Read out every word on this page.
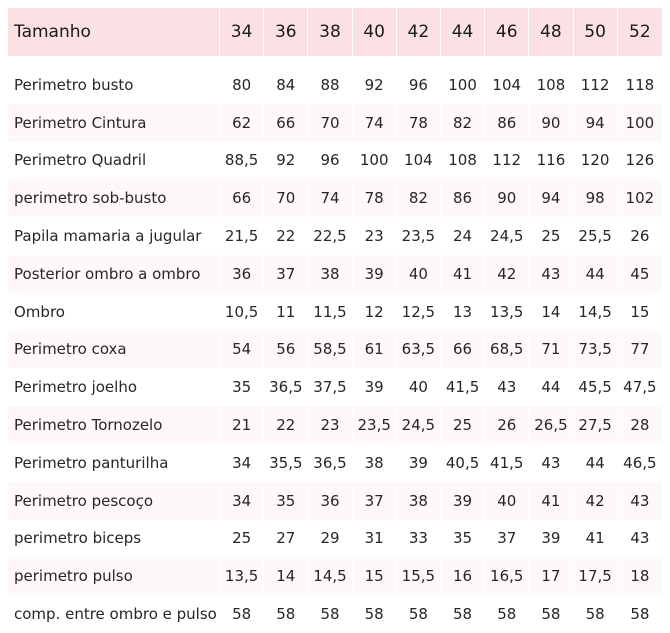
Tamanho	34	36	38	40	42	44	46	48	50	52

Perimetro busto	80	84	88	92	96	100	104	108	112	118
Perimetro Cintura	62	66	70	74	78	82	86	90	94	100
Perimetro Quadril	88,5	92	96	100	104	108	112	116	120	126
perimetro sob-busto	66	70	74	78	82	86	90	94	98	102
Papila mamaria a jugular	21,5	22	22,5	23	23,5	24	24,5	25	25,5	26
Posterior ombro a ombro	36	37	38	39	40	41	42	43	44	45
Ombro	10,5	11	11,5	12	12,5	13	13,5	14	14,5	15
Perimetro coxa	54	56	58,5	61	63,5	66	68,5	71	73,5	77
Perimetro joelho	35	36,5	37,5	39	40	41,5	43	44	45,5	47,5
Perimetro Tornozelo	21	22	23	23,5	24,5	25	26	26,5	27,5	28
Perimetro panturilha	34	35,5	36,5	38	39	40,5	41,5	43	44	46,5
Perimetro pescoço	34	35	36	37	38	39	40	41	42	43
perimetro biceps	25	27	29	31	33	35	37	39	41	43
perimetro pulso	13,5	14	14,5	15	15,5	16	16,5	17	17,5	18
comp. entre ombro e pulso	58	58	58	58	58	58	58	58	58	58
